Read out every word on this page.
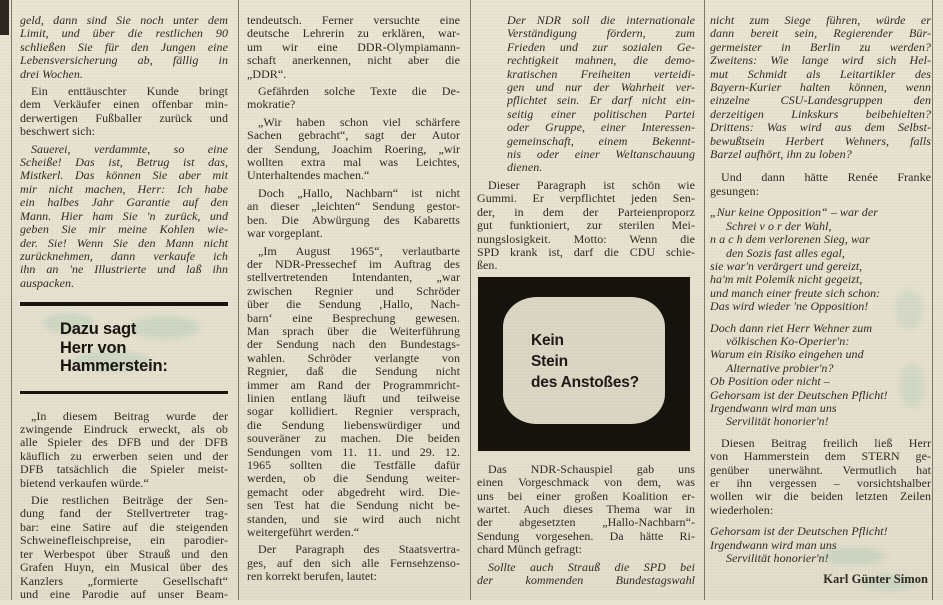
geld, dann sind Sie noch unter dem
Limit, und über die restlichen 90
schließen Sie für den Jungen eine
Lebensversicherung ab, fällig in
drei Wochen.
Ein enttäuschter Kunde bringt
dem Verkäufer einen offenbar min-
derwertigen Fußballer zurück und
beschwert sich:
Sauerei, verdammte, so eine
Scheiße! Das ist, Betrug ist das,
Mistkerl. Das können Sie aber mit
mir nicht machen, Herr: Ich habe
ein halbes Jahr Garantie auf den
Mann. Hier ham Sie 'n zurück, und
geben Sie mir meine Kohlen wie-
der. Sie! Wenn Sie den Mann nicht
zurücknehmen, dann verkaufe ich
ihn an 'ne Illustrierte und laß ihn
auspacken.
Dazu sagt
Herr von Hammerstein:
„In diesem Beitrag wurde der
zwingende Eindruck erweckt, als ob
alle Spieler des DFB und der DFB
käuflich zu erwerben seien und der
DFB tatsächlich die Spieler meist-
bietend verkaufen würde.“
Die restlichen Beiträge der Sen-
dung fand der Stellvertreter trag-
bar: eine Satire auf die steigenden
Schweinefleischpreise, ein parodier-
ter Werbespot über Strauß und den
Grafen Huyn, ein Musical über des
Kanzlers „formierte Gesellschaft“
und eine Parodie auf unser Beam-
tendeutsch. Ferner versuchte eine
deutsche Lehrerin zu erklären, war-
um wir eine DDR-Olympiamann-
schaft anerkennen, nicht aber die
„DDR“.
Gefährden solche Texte die De-
mokratie?
„Wir haben schon viel schärfere
Sachen gebracht“, sagt der Autor
der Sendung, Joachim Roering, „wir
wollten extra mal was Leichtes,
Unterhaltendes machen.“
Doch „Hallo, Nachbarn“ ist nicht
an dieser „leichten“ Sendung gestor-
ben. Die Abwürgung des Kabaretts
war vorgeplant.
„Im August 1965“, verlautbarte
der NDR-Pressechef im Auftrag des
stellvertretenden Intendanten, „war
zwischen Regnier und Schröder
über die Sendung ‚Hallo, Nach-
barn‘ eine Besprechung gewesen.
Man sprach über die Weiterführung
der Sendung nach den Bundestags-
wahlen. Schröder verlangte von
Regnier, daß die Sendung nicht
immer am Rand der Programmricht-
linien entlang läuft und teilweise
sogar kollidiert. Regnier versprach,
die Sendung liebenswürdiger und
souveräner zu machen. Die beiden
Sendungen vom 11. 11. und 29. 12.
1965 sollten die Testfälle dafür
werden, ob die Sendung weiter-
gemacht oder abgedreht wird. Die-
sen Test hat die Sendung nicht be-
standen, und sie wird auch nicht
weitergeführt werden.“
Der Paragraph des Staatsvertra-
ges, auf den sich alle Fernsehzenso-
ren korrekt berufen, lautet:
Der NDR soll die internationale
Verständigung fördern, zum
Frieden und zur sozialen Ge-
rechtigkeit mahnen, die demo-
kratischen Freiheiten verteidi-
gen und nur der Wahrheit ver-
pflichtet sein. Er darf nicht ein-
seitig einer politischen Partei
oder Gruppe, einer Interessen-
gemeinschaft, einem Bekennt-
nis oder einer Weltanschauung
dienen.
Dieser Paragraph ist schön wie
Gummi. Er verpflichtet jeden Sen-
der, in dem der Parteienproporz
gut funktioniert, zur sterilen Mei-
nungslosigkeit. Motto: Wenn die
SPD krank ist, darf die CDU schie-
ßen.
Kein
Stein
des Anstoßes?
Das NDR-Schauspiel gab uns
einen Vorgeschmack von dem, was
uns bei einer großen Koalition er-
wartet. Auch dieses Thema war in
der abgesetzten „Hallo-Nachbarn“-
Sendung vorgesehen. Da hätte Ri-
chard Münch gefragt:
Sollte auch Strauß die SPD bei
der kommenden Bundestagswahl
nicht zum Siege führen, würde er
dann bereit sein, Regierender Bür-
germeister in Berlin zu werden?
Zweitens: Wie lange wird sich Hel-
mut Schmidt als Leitartikler des
Bayern-Kurier halten können, wenn
einzelne CSU-Landesgruppen den
derzeitigen Linkskurs beibehielten?
Drittens: Was wird aus dem Selbst-
bewußtsein Herbert Wehners, falls
Barzel aufhört, ihn zu loben?
Und dann hätte Renée Franke
gesungen:
„Nur keine Opposition“ – war der
Schrei v o r der Wahl,
n a c h dem verlorenen Sieg, war
den Sozis fast alles egal,
sie war'n verärgert und gereizt,
ha'm mit Polemik nicht gegeizt,
und manch einer freute sich schon:
Das wird wieder 'ne Opposition!
Doch dann riet Herr Wehner zum
völkischen Ko-Operier'n:
Warum ein Risiko eingehen und
Alternative probier'n?
Ob Position oder nicht –
Gehorsam ist der Deutschen Pflicht!
Irgendwann wird man uns
Servilität honorier'n!
Diesen Beitrag freilich ließ Herr
von Hammerstein dem STERN ge-
genüber unerwähnt. Vermutlich hat
er ihn vergessen – vorsichtshalber
wollen wir die beiden letzten Zeilen
wiederholen:
Gehorsam ist der Deutschen Pflicht!
Irgendwann wird man uns
Servilität honorier'n!
Karl Günter Simon
